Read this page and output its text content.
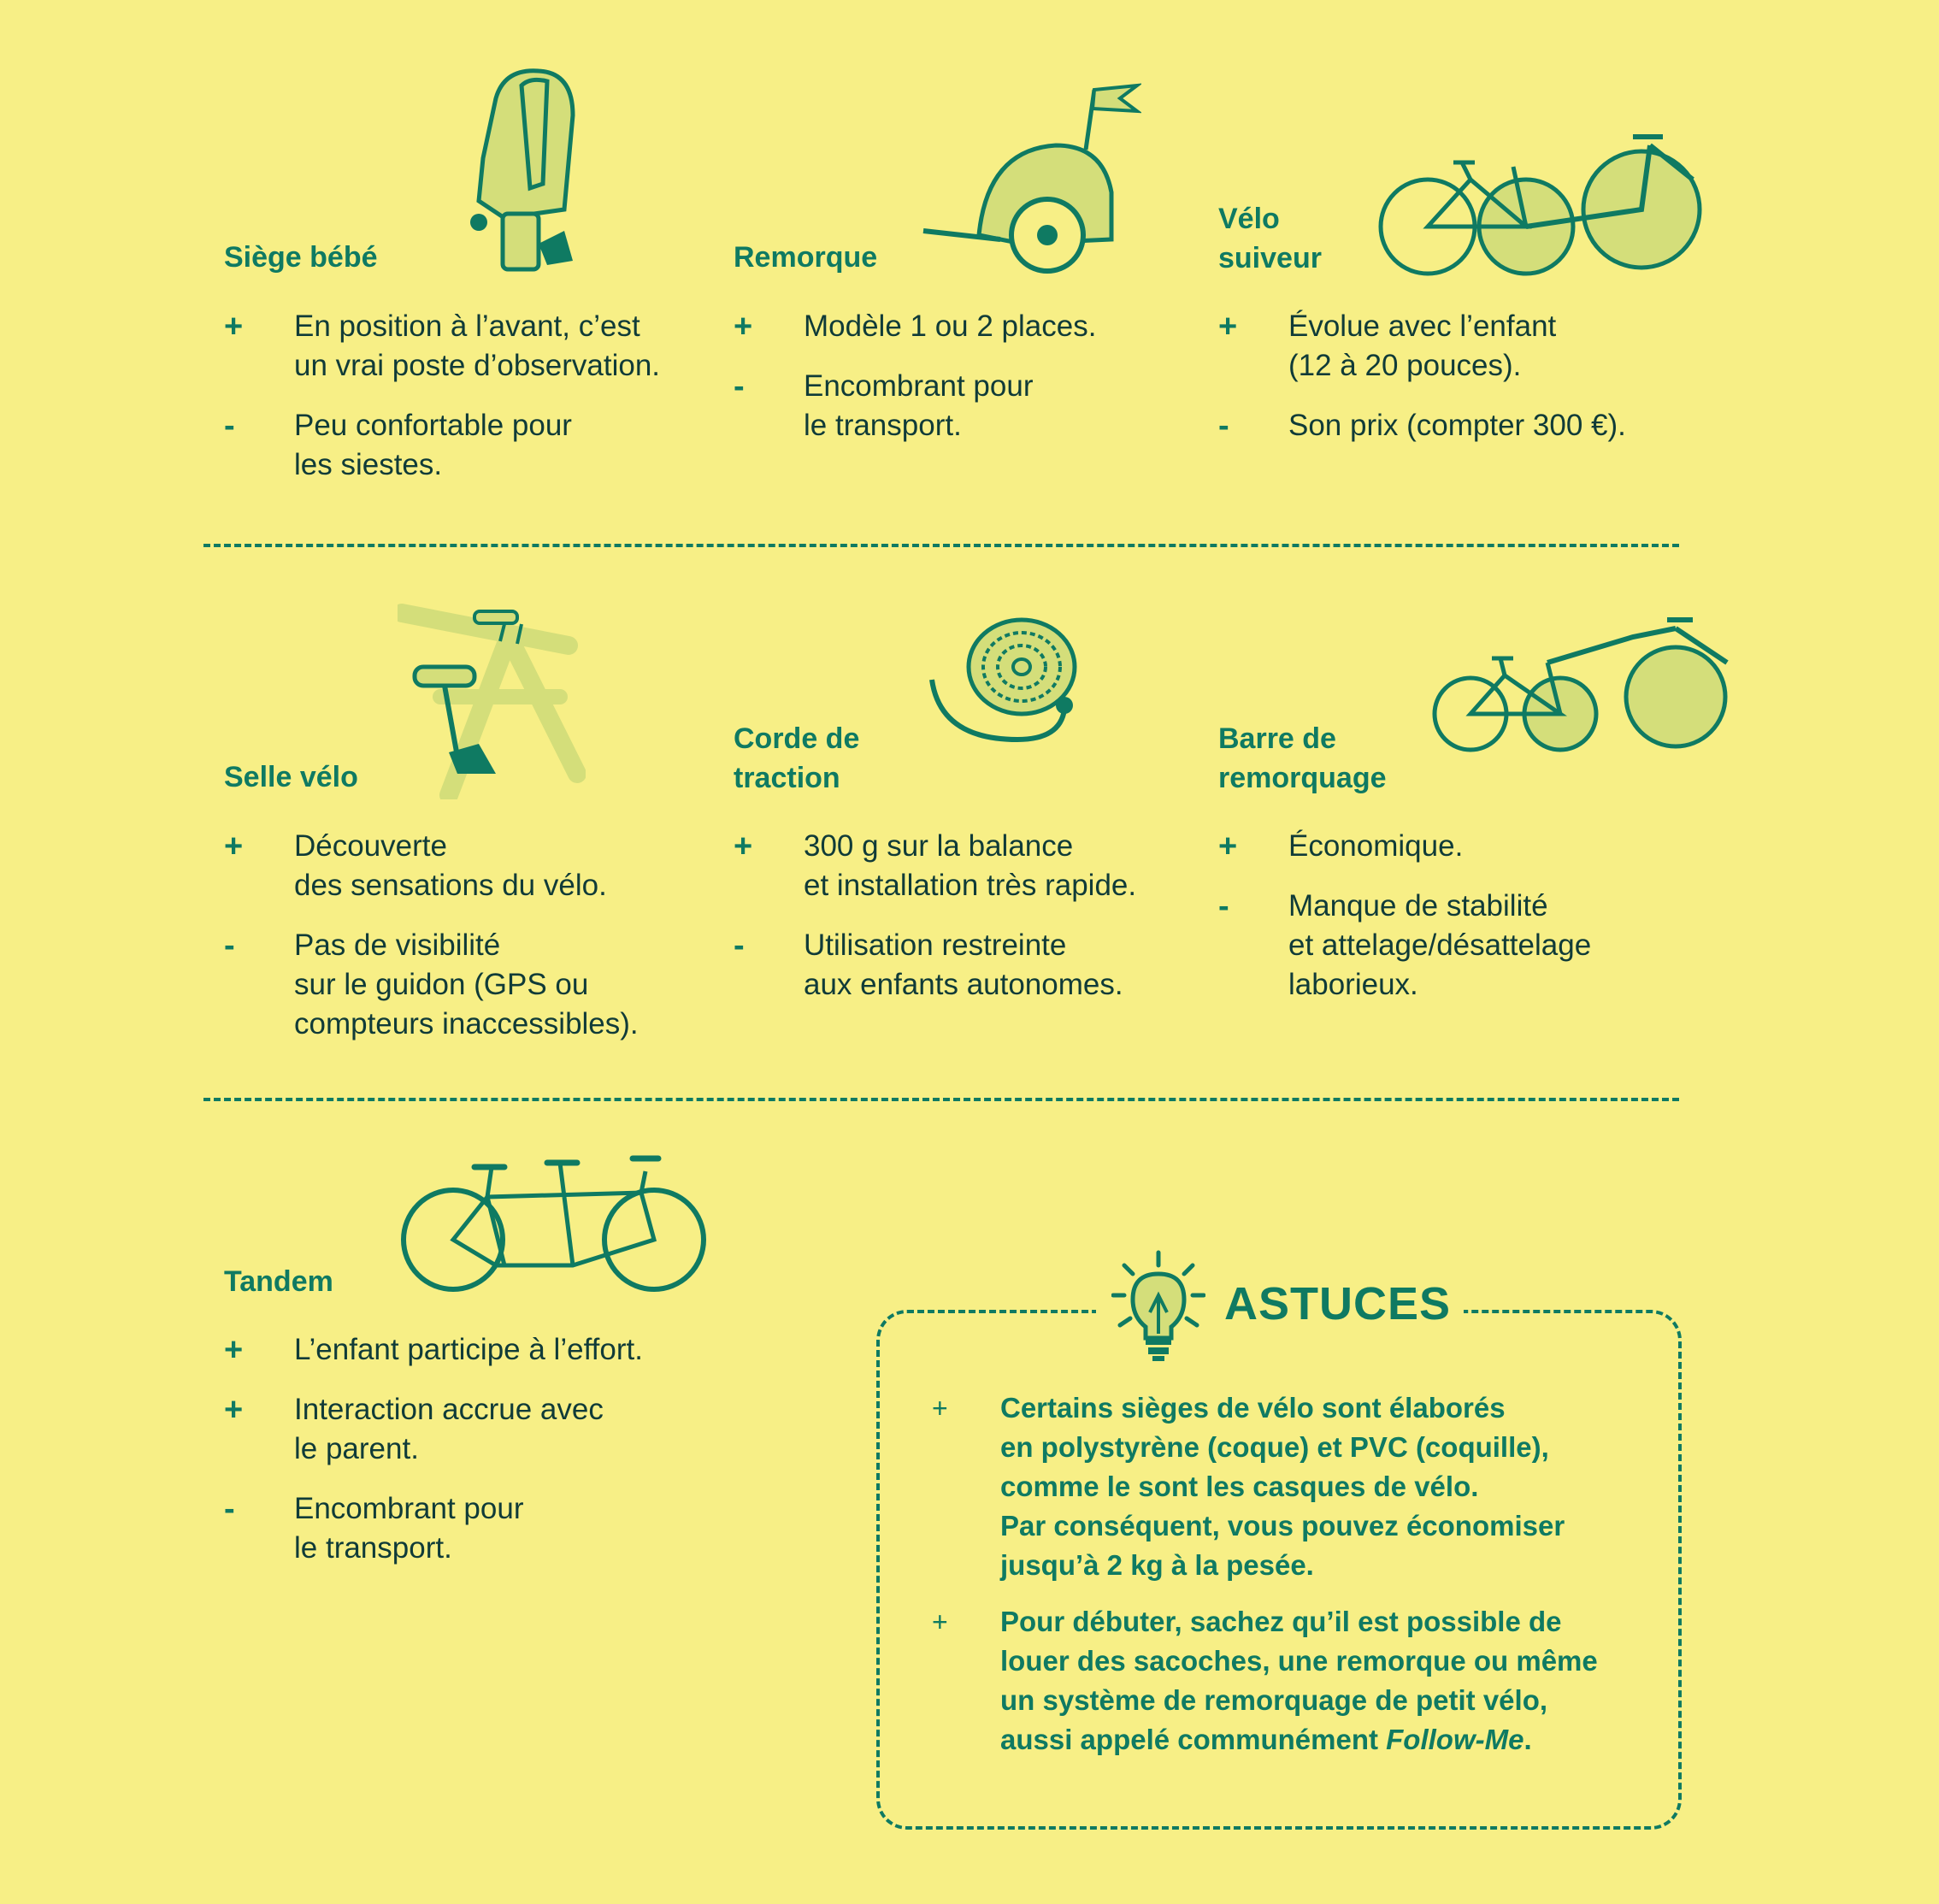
Siège bébé	Remorque
Vélo
suiveur
+	En position à l’avant, c’est
un vrai poste d’observation.
-	Peu confortable pour
les siestes.
+	Modèle 1 ou 2 places.
-	Encombrant pour
le transport.
+	Évolue avec l’enfant
(12 à 20 pouces).
-	Son prix (compter 300 €).
Selle vélo
Corde de
traction
Barre de
remorquage
+	Découverte
des sensations du vélo.
-	Pas de visibilité
sur le guidon (GPS ou
compteurs inaccessibles).
+	300 g sur la balance
et installation très rapide.
-	Utilisation restreinte
aux enfants autonomes.
+	Économique.
-	Manque de stabilité
et attelage/désattelage
laborieux.
Tandem
+	L’enfant participe à l’effort.
+	Interaction accrue avec
le parent.
-	Encombrant pour
le transport.
ASTUCES
+ Certains sièges de vélo sont élaborés
en polystyrène (coque) et PVC (coquille),
comme le sont les casques de vélo.
Par conséquent, vous pouvez économiser
jusqu’à 2 kg à la pesée.
+ Pour débuter, sachez qu’il est possible de
louer des sacoches, une remorque ou même
un système de remorquage de petit vélo,
aussi appelé communément Follow-Me.
